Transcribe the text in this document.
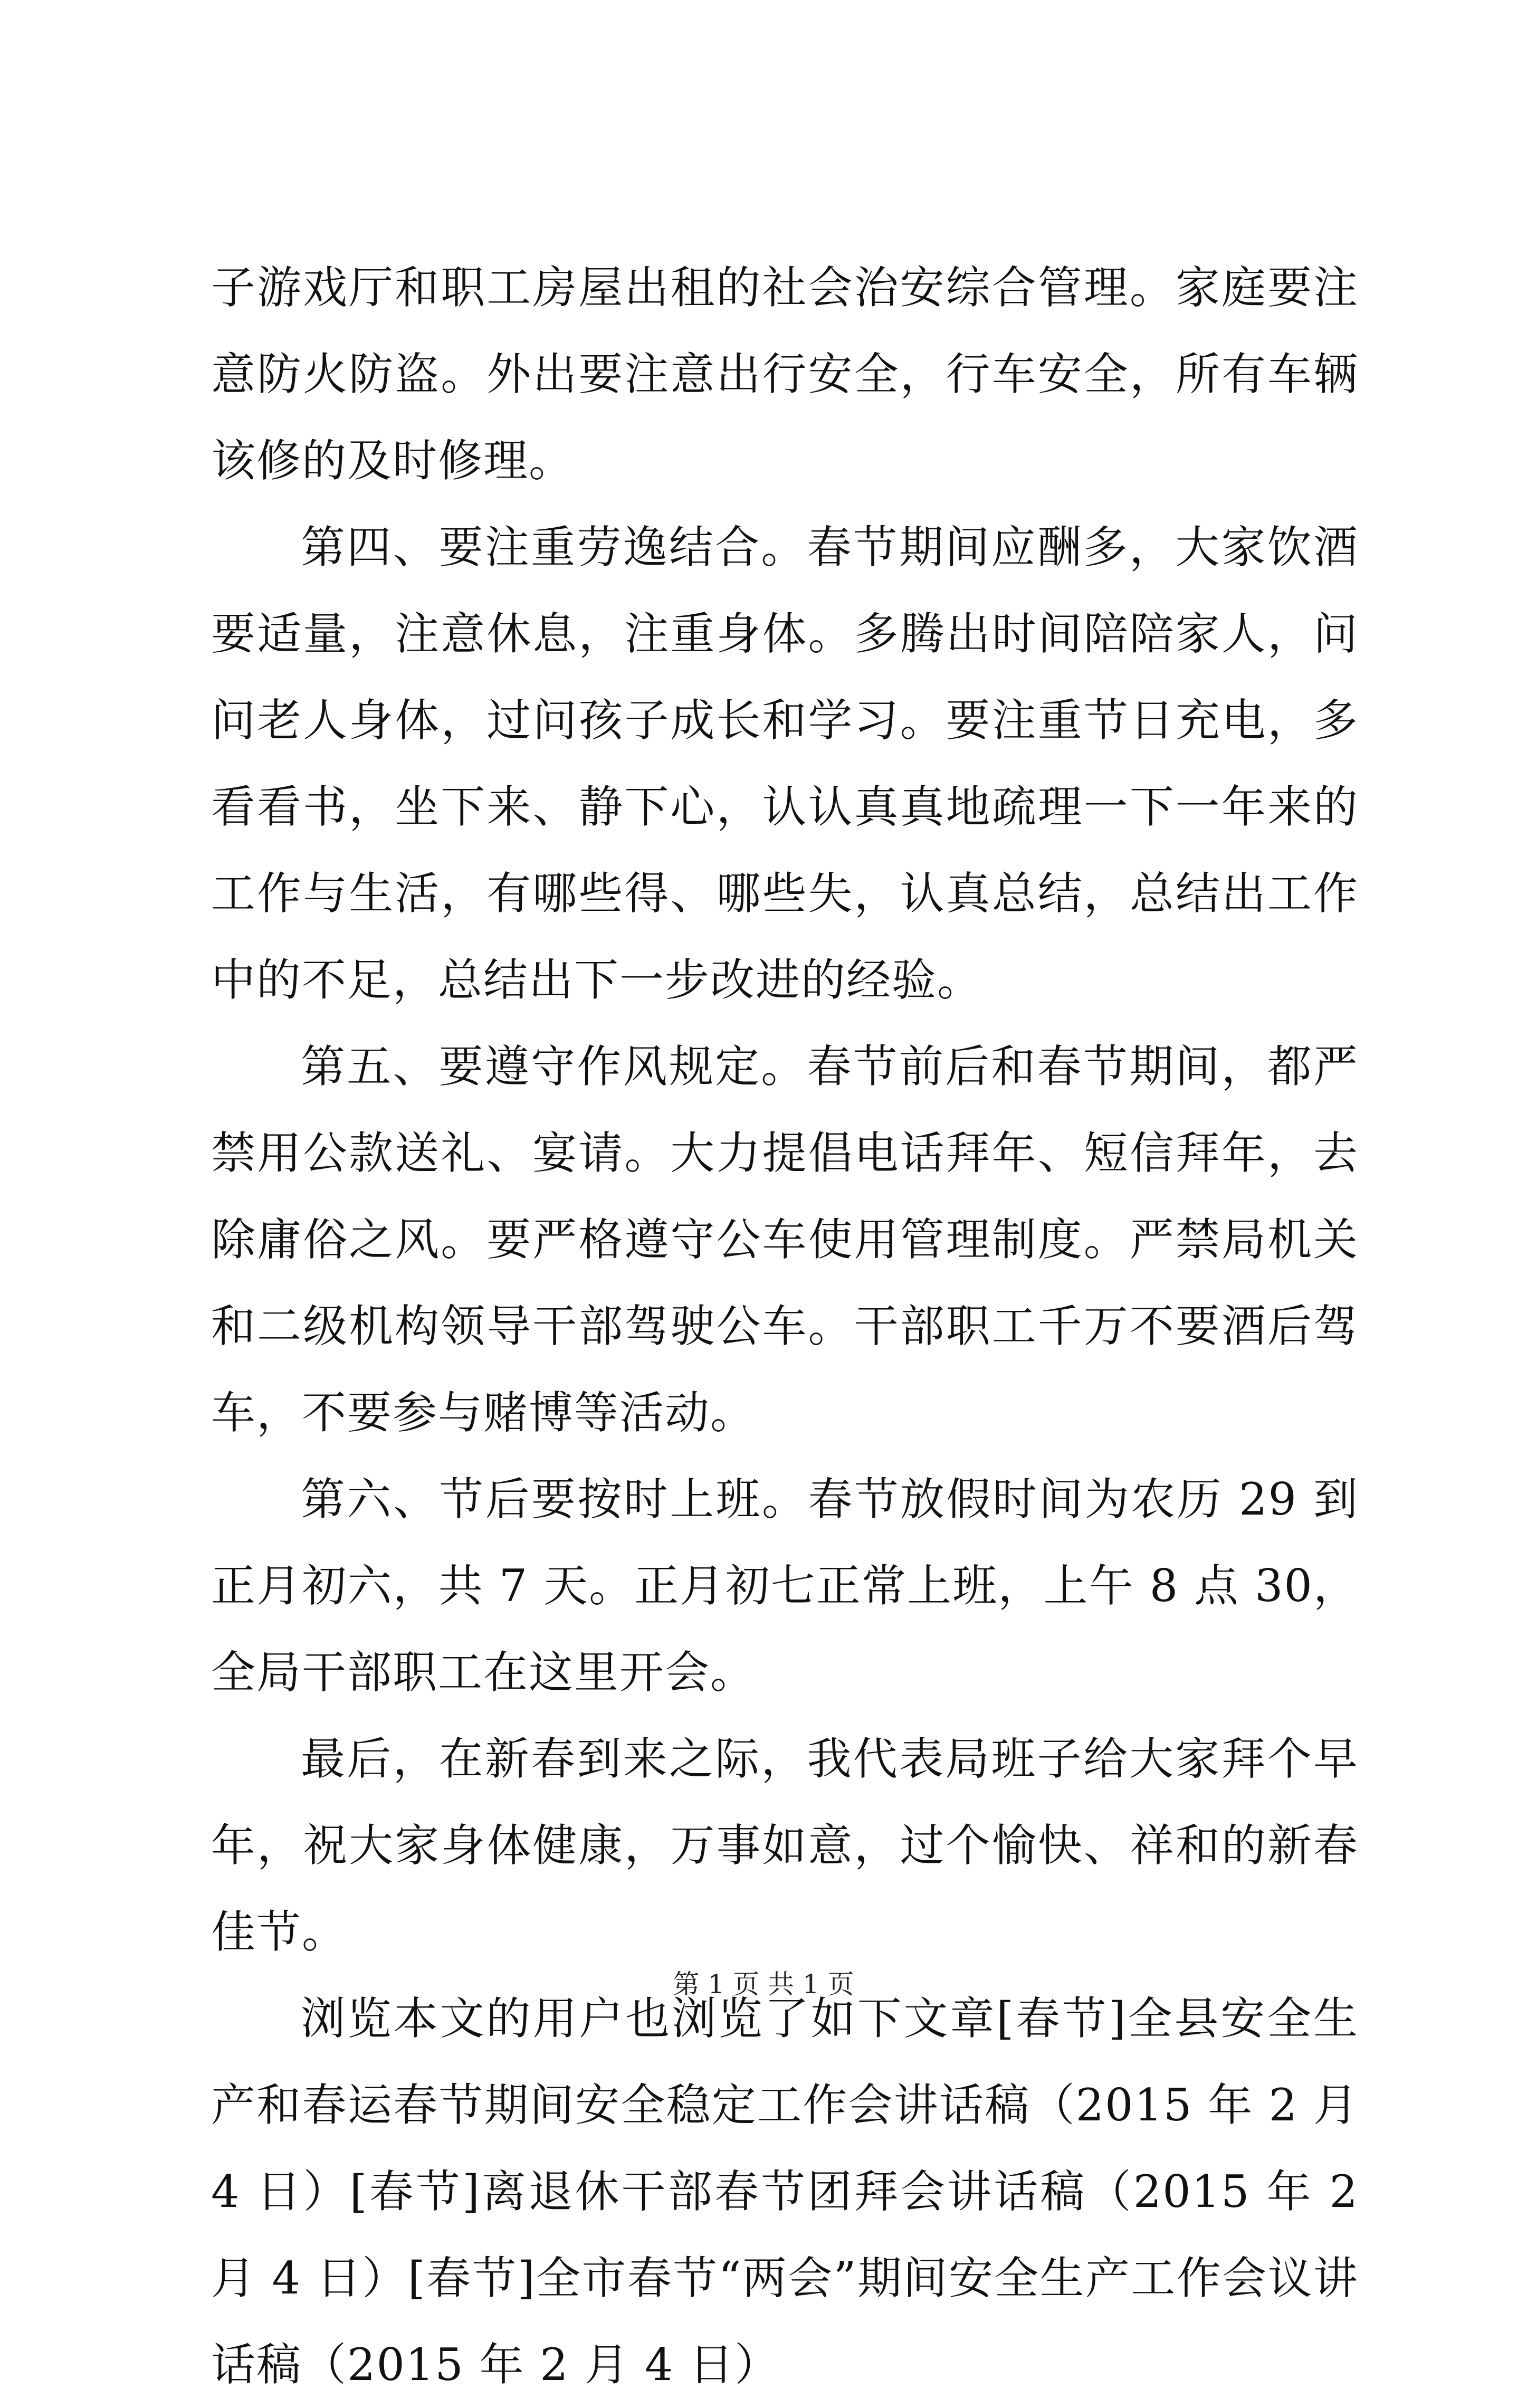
子游戏厅和职工房屋出租的社会治安综合管理。家庭要注意防火防盗。外出要注意出行安全，行车安全，所有车辆该修的及时修理。

第四、要注重劳逸结合。春节期间应酬多，大家饮酒要适量，注意休息，注重身体。多腾出时间陪陪家人，问问老人身体，过问孩子成长和学习。要注重节日充电，多看看书，坐下来、静下心，认认真真地疏理一下一年来的工作与生活，有哪些得、哪些失，认真总结，总结出工作中的不足，总结出下一步改进的经验。

第五、要遵守作风规定。春节前后和春节期间，都严禁用公款送礼、宴请。大力提倡电话拜年、短信拜年，去除庸俗之风。要严格遵守公车使用管理制度。严禁局机关和二级机构领导干部驾驶公车。干部职工千万不要酒后驾车，不要参与赌博等活动。

第六、节后要按时上班。春节放假时间为农历 29 到正月初六，共 7 天。正月初七正常上班，上午 8 点 30，全局干部职工在这里开会。

最后，在新春到来之际，我代表局班子给大家拜个早年，祝大家身体健康，万事如意，过个愉快、祥和的新春佳节。

浏览本文的用户也浏览了如下文章[春节]全县安全生产和春运春节期间安全稳定工作会讲话稿（2015 年 2 月 4 日）[春节]离退休干部春节团拜会讲话稿（2015 年 2 月 4 日）[春节]全市春节“两会”期间安全生产工作会议讲话稿（2015 年 2 月 4 日）

第 1 页 共 1 页
